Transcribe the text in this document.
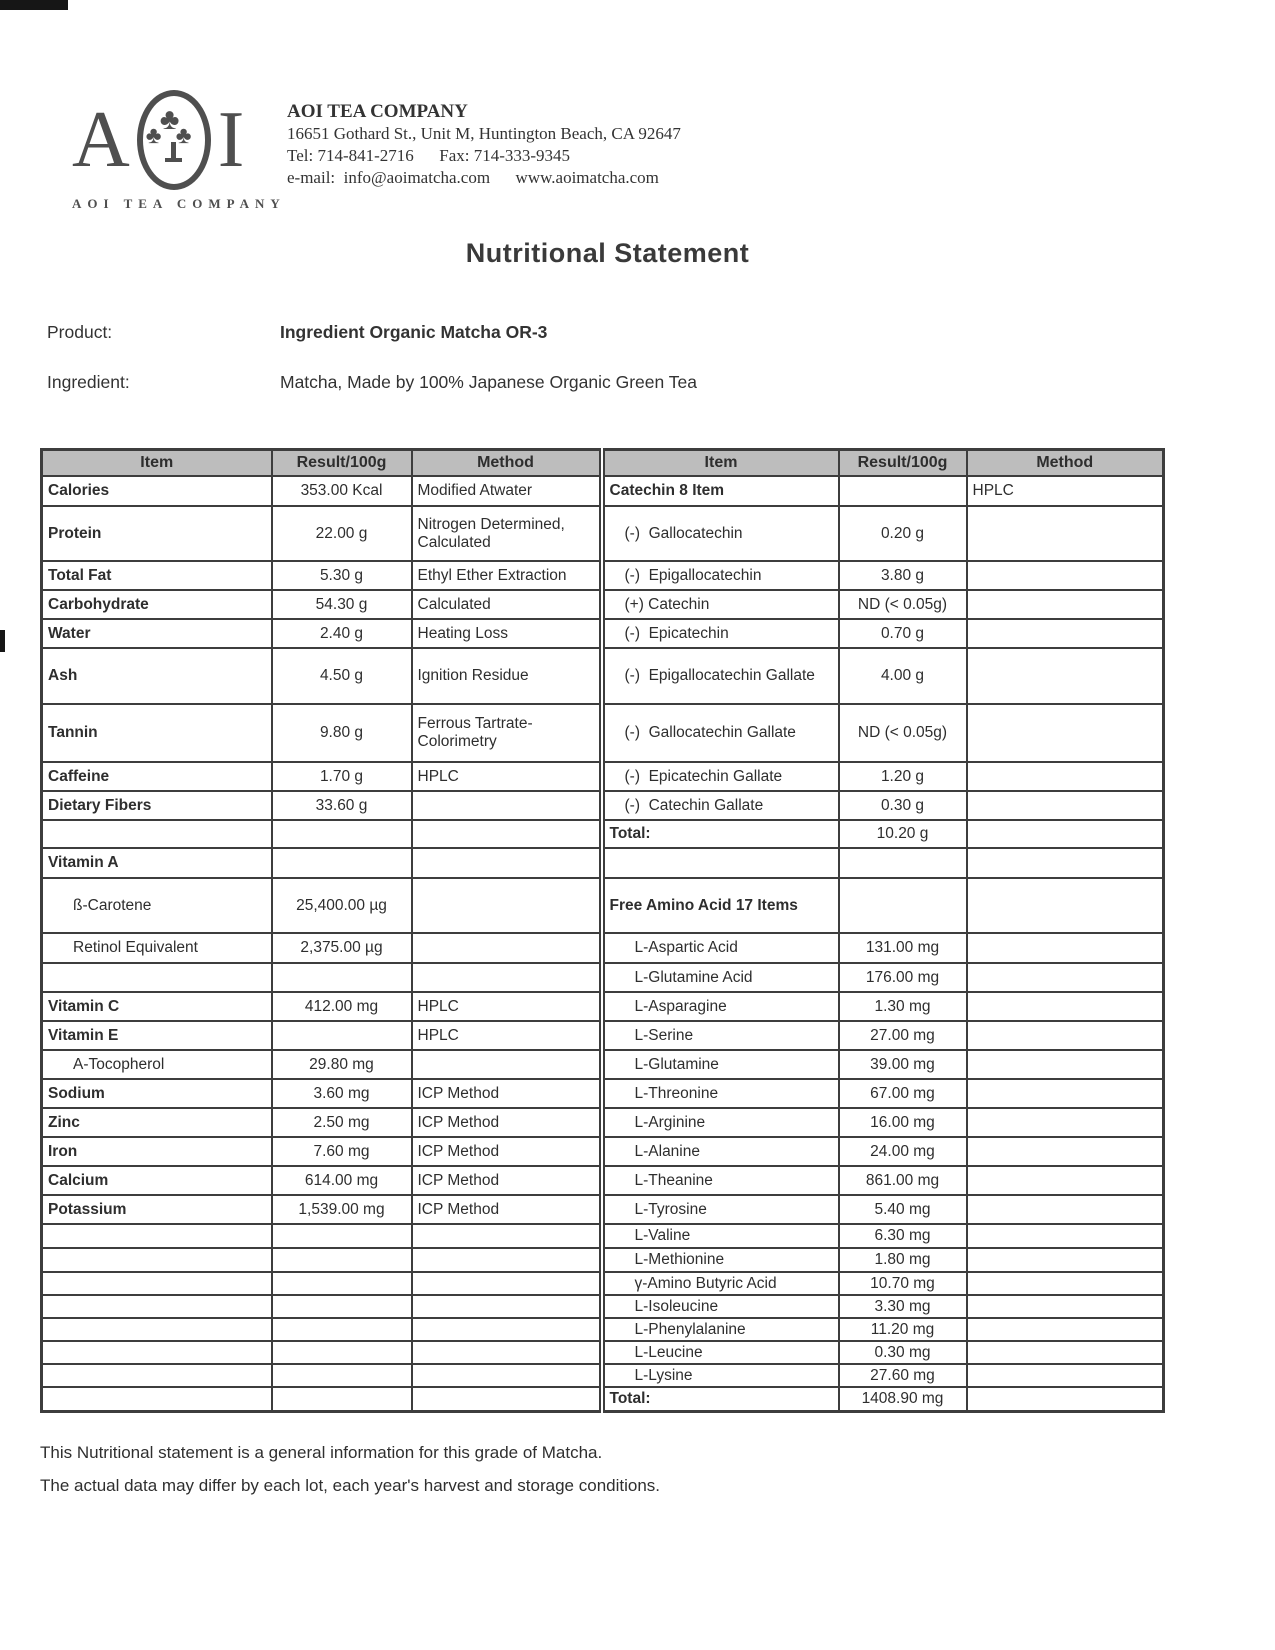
A ♣
♣ ♣ I
AOI TEA COMPANY
AOI TEA COMPANY
16651 Gothard St., Unit M, Huntington Beach, CA 92647
Tel: 714-841-2716      Fax: 714-333-9345
e-mail:  info@aoimatcha.com      www.aoimatcha.com
Nutritional Statement
Product:	Ingredient Organic Matcha OR-3
Ingredient:	Matcha, Made by 100% Japanese Organic Green Tea
Item	Result/100g	Method	Item	Result/100g	Method
Calories	353.00 Kcal	Modified Atwater	Catechin 8 Item		HPLC
Protein	22.00 g	Nitrogen Determined, Calculated	(-)  Gallocatechin	0.20 g	
Total Fat	5.30 g	Ethyl Ether Extraction	(-)  Epigallocatechin	3.80 g	
Carbohydrate	54.30 g	Calculated	(+) Catechin	ND (< 0.05g)	
Water	2.40 g	Heating Loss	(-)  Epicatechin	0.70 g	
Ash	4.50 g	Ignition Residue	(-)  Epigallocatechin Gallate	4.00 g	
Tannin	9.80 g	Ferrous Tartrate-Colorimetry	(-)  Gallocatechin Gallate	ND (< 0.05g)	
Caffeine	1.70 g	HPLC	(-)  Epicatechin Gallate	1.20 g	
Dietary Fibers	33.60 g		(-)  Catechin Gallate	0.30 g	
			Total:	10.20 g	
Vitamin A					
ß-Carotene	25,400.00 µg		Free Amino Acid 17 Items		
Retinol Equivalent	2,375.00 µg		L-Aspartic Acid	131.00 mg	
			L-Glutamine Acid	176.00 mg	
Vitamin C	412.00 mg	HPLC	L-Asparagine	1.30 mg	
Vitamin E		HPLC	L-Serine	27.00 mg	
A-Tocopherol	29.80 mg		L-Glutamine	39.00 mg	
Sodium	3.60 mg	ICP Method	L-Threonine	67.00 mg	
Zinc	2.50 mg	ICP Method	L-Arginine	16.00 mg	
Iron	7.60 mg	ICP Method	L-Alanine	24.00 mg	
Calcium	614.00 mg	ICP Method	L-Theanine	861.00 mg	
Potassium	1,539.00 mg	ICP Method	L-Tyrosine	5.40 mg	
			L-Valine	6.30 mg	
			L-Methionine	1.80 mg	
			γ-Amino Butyric Acid	10.70 mg	
			L-Isoleucine	3.30 mg	
			L-Phenylalanine	11.20 mg	
			L-Leucine	0.30 mg	
			L-Lysine	27.60 mg	
			Total:	1408.90 mg	
This Nutritional statement is a general information for this grade of Matcha.
The actual data may differ by each lot, each year's harvest and storage conditions.
